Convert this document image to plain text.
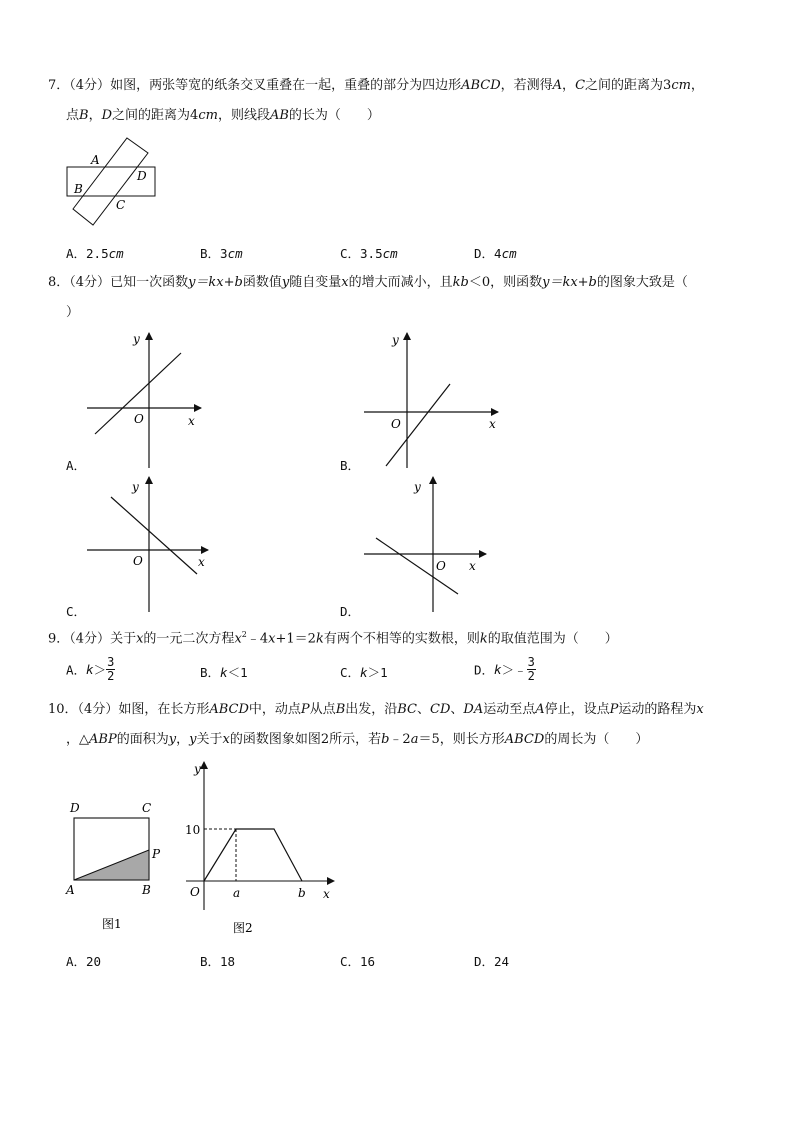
7．（4分）如图，两张等宽的纸条交叉重叠在一起，重叠的部分为四边形ABCD，若测得A，C之间的距离为3cm，
点B，D之间的距离为4cm，则线段AB的长为（　　）
A
B
C
D
A．2.5cm	B．3cm	C．3.5cm	D．4cm
8．（4分）已知一次函数y＝kx+b函数值y随自变量x的增大而减小，且kb＜0，则函数y＝kx+b的图象大致是（
）
y
O	x
A．
y
O	x
B．
y
O	x
C．
y
O x
D．
9．（4分）关于x的一元二次方程$x^2﹣4x+1=2k$有两个不相等的实数根，则k的取值范围为（　　）
A．$k> \frac{3}{2}$	B．k＜1	C．k＞1	D．k＞﹣ $\frac{3}{2}$
10．（4分）如图，在长方形ABCD中，动点P从点B出发，沿BC、CD、DA运动至点A停止，设点P运动的路程为x
，△ABP的面积为y，y关于x的函数图象如图2所示，若b﹣2a＝5，则长方形ABCD的周长为（　　）
D	C
A	B
P
图1
y
10
O	a	b x
图2
A．20	B．18	C．16	D．24
